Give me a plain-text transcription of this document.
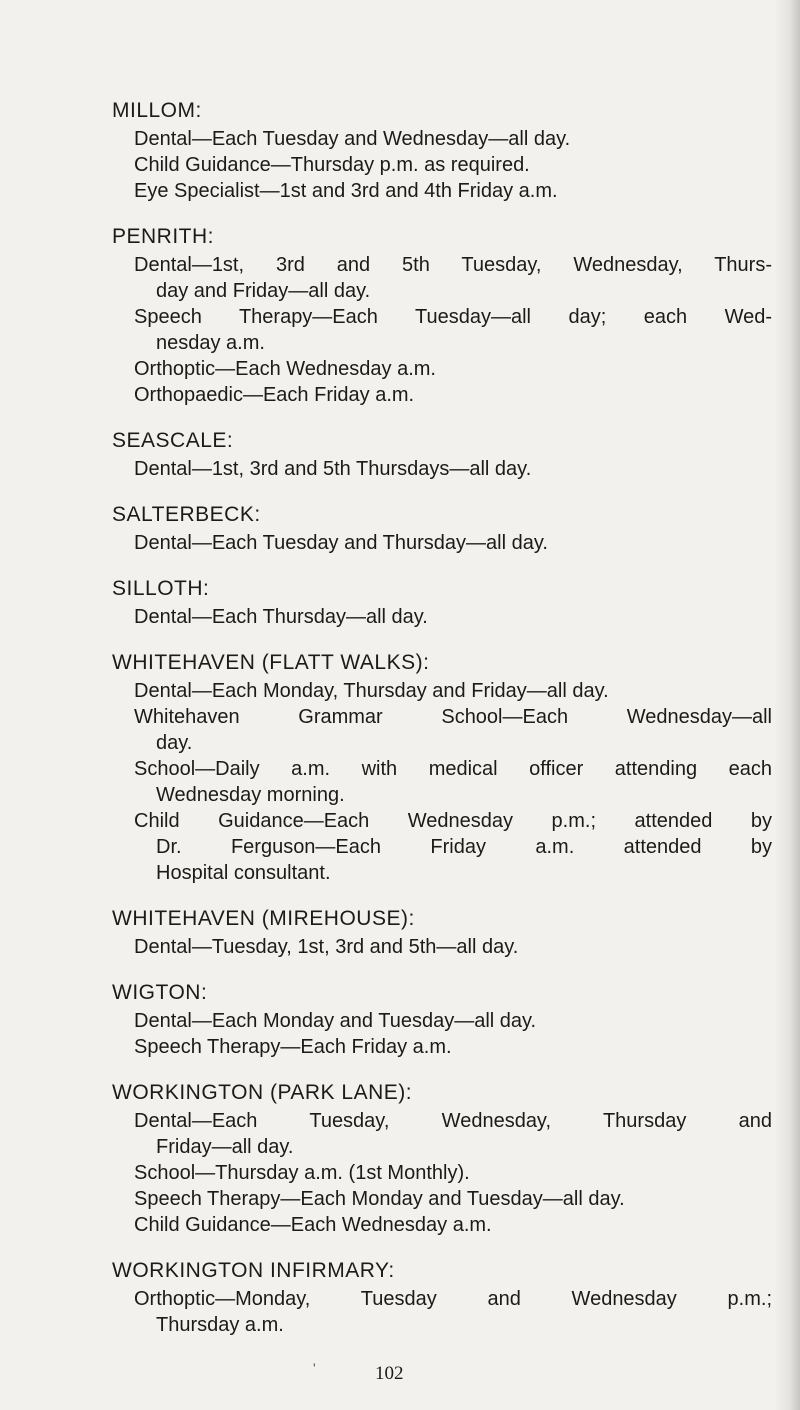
MILLOM:
Dental—Each Tuesday and Wednesday—all day.
Child Guidance—Thursday p.m. as required.
Eye Specialist—1st and 3rd and 4th Friday a.m.
PENRITH:
Dental—1st, 3rd and 5th Tuesday, Wednesday, Thurs-
day and Friday—all day.
Speech Therapy—Each Tuesday—all day; each Wed-
nesday a.m.
Orthoptic—Each Wednesday a.m.
Orthopaedic—Each Friday a.m.
SEASCALE:
Dental—1st, 3rd and 5th Thursdays—all day.
SALTERBECK:
Dental—Each Tuesday and Thursday—all day.
SILLOTH:
Dental—Each Thursday—all day.
WHITEHAVEN (FLATT WALKS):
Dental—Each Monday, Thursday and Friday—all day.
Whitehaven Grammar School—Each Wednesday—all
day.
School—Daily a.m. with medical officer attending each
Wednesday morning.
Child Guidance—Each Wednesday p.m.; attended by
Dr. Ferguson—Each Friday a.m. attended by
Hospital consultant.
WHITEHAVEN (MIREHOUSE):
Dental—Tuesday, 1st, 3rd and 5th—all day.
WIGTON:
Dental—Each Monday and Tuesday—all day.
Speech Therapy—Each Friday a.m.
WORKINGTON (PARK LANE):
Dental—Each Tuesday, Wednesday, Thursday and
Friday—all day.
School—Thursday a.m. (1st Monthly).
Speech Therapy—Each Monday and Tuesday—all day.
Child Guidance—Each Wednesday a.m.
WORKINGTON INFIRMARY:
Orthoptic—Monday, Tuesday and Wednesday p.m.;
Thursday a.m.
'	102
